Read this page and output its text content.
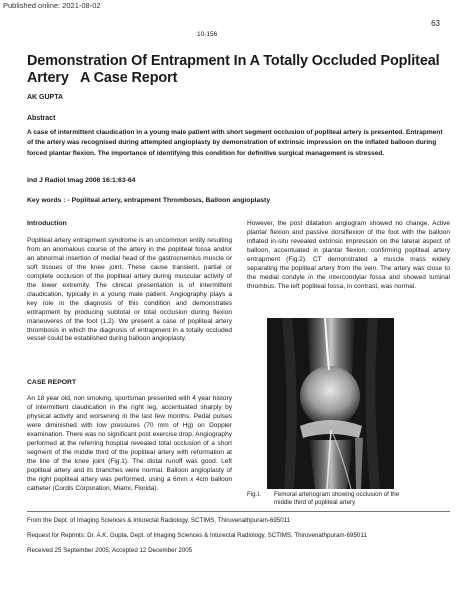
Published online: 2021-08-02
63
10-156
Demonstration Of Entrapment In A Totally Occluded Popliteal
Artery   A Case Report
AK GUPTA
Abstract
A case of intermittent claudication in a young male patient with short segment occlusion of popliteal artery is presented. Entrapment of the artery was recognised during attempted angioplasty by demonstration of extrinsic impression on the inflated balloon during forced plantar flexion. The importance of identifying this condition for definitive surgical management is stressed.
Ind J Radiol Imag 2006 16:1:63-64
Key words : - Popliteal artery, entrapment Thrombosis, Balloon angioplasty
Introduction

Popliteal artery entrapment syndrome is an uncommon entity resulting from an anomalous course of the artery in the popliteal fossa and/or an abnormal insertion of medial head of the gastrocnemius muscle or soft tissues of the knee joint. These cause transient, partial or complete occlusion of the popliteal artery during muscular activity of the lower extremity. The clinical presentation is of intermittent claudication, typically in a young male patient. Angiography plays a key role in the diagnosis of this condition and demonstrates entrapment by producing subtotal or total occlusion during flexion maneuveres of the foot (1,2). We present a case of popliteal artery thrombosis in which the diagnosis of entrapment in a totally occluded vessel could be established during balloon angioplasty.

CASE REPORT

An 18 year old, non smoking, sportsman presented with 4 year history of intermittent claudication in the right leg, accentuated sharply by physical activity and worsening in the last few months. Pedal pulses were diminished with low pressures (70 mm of Hg) on Doppler examination. There was no significant post exercise drop. Angiography performed at the referring hospital revealed total occlusion of a short segment of the middle third of the popliteal artery with reformation at the line of the knee joint (Fig.1). The distal runoff was good. Left popliteal artery and its branches were normal. Balloon angioplasty of the right popliteal artery was performed, using a 6mm x 4cm balloon catheter (Cordis Corporation, Miami, Florida).

However, the post dilatation angiogram showed no change. Active plantar flexion and passive dorsiflexion of the foot with the balloon inflated in-situ revealed extrinsic impression on the lateral aspect of balloon, accentuated in plantar flexion, confirming popliteal artery entrapment (Fig.2). CT demonstrated a muscle mass widely separating the popliteal artery from the vein. The artery was close to the medial condyle in the intercondylar fossa and showed luminal thrombus. The left popliteal fossa, in contrast, was normal.

Fig.I. Femoral arteriogram showing occlusion of the
middle third of popliteal artery
From the Dept. of Imaging Sciences & Inturectal Radiology, SCTIMS, Thiruvenathpuram-695011
Request for Reprints: Dr. A.K. Gupta, Dept. of Imaging Sciences & Inturectal Radiology, SCTIMS, Thiruvenathpuram-695011
Received 25 September 2005; Accepted 12 December 2005
